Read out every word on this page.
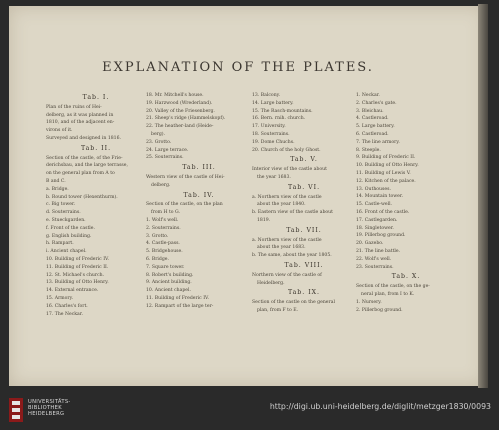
EXPLANATION OF THE PLATES.
Tab. I.
Plan of the ruins of Hei-
delberg, as it was planned in
1810, and of the adjacent en-
virons of it.
Surveyed and designed in 1816.
Tab. II.
Section of the castle, of the Frie-
derichsbau, and the large terrasse,
on the general plan from A to
B and C.
a. Bridge.
b. Round tower (Hexenthurm).
c. Big tower.
d. Souterrains.
e. Stueckgarden.
f. Front of the castle.
g. English building.
h. Rampart.
i. Ancient chapel.
10. Building of Frederic IV.
11. Building of Frederic II.
12. St. Michael's church.
13. Building of Otto Henry.
14. External entrance.
15. Armory.
16. Charles's fort.
17. The Neckar.
18. Mr. Mitchell's house.
19. Harzwood (Wrederland).
20. Valley of the Friesenberg.
21. Sheep's ridge (Hammelskopf).
22. The heather-land (Heide-
berg).
23. Grotto.
24. Large terrace.
25. Souterrains.
Tab. III.
Western view of the castle of Hei-
delberg.
Tab. IV.
Section of the castle, on the plan
from H to G.
1. Wolf's well.
2. Souterrains.
3. Grotto.
4. Castle-pass.
5. Bridgehouse.
6. Bridge.
7. Square tower.
8. Robert's building.
9. Ancient building.
10. Ancient chapel.
11. Building of Frederic IV.
12. Rampart of the large ter-
13. Balcony.
14. Large battery.
15. The Rasch-mountains.
16. Bern. rnih. church.
17. University.
18. Souterrains.
19. Dome Chuchs.
20. Church of the holy Ghost.
Tab. V.
Interior view of the castle about
the year 1683.
Tab. VI.
a. Northern view of the castle
about the year 1840.
b. Eastern view of the castle about
1819.
Tab. VII.
a. Northern view of the castle
about the year 1683.
b. The same, about the year 1805.
Tab. VIII.
Northern view of the castle of
Heidelberg.
Tab. IX.
Section of the castle on the general
plan, from F to E.
1. Neckar.
2. Charles's gate.
3. Bleichau.
4. Castleroad.
5. Large battery.
6. Castleroad.
7. The line armory.
8. Steeple.
9. Building of Frederic II.
10. Building of Otto Henry.
11. Building of Lewis V.
12. Kitchen of the palace.
13. Outhouses.
14. Mountain tower.
15. Castle-well.
16. Front of the castle.
17. Castlegarden.
18. Singletower.
19. Pillerbog ground.
20. Gazebo.
21. The line battle.
22. Wolf's well.
23. Souterrains.
Tab. X.
Section of the castle, on the ge-
neral plan, from I to K.
1. Nursery.
2. Pillerbog ground.
UNIVERSITÄTS-
BIBLIOTHEK
HEIDELBERG
http://digi.ub.uni-heidelberg.de/diglit/metzger1830/0093
